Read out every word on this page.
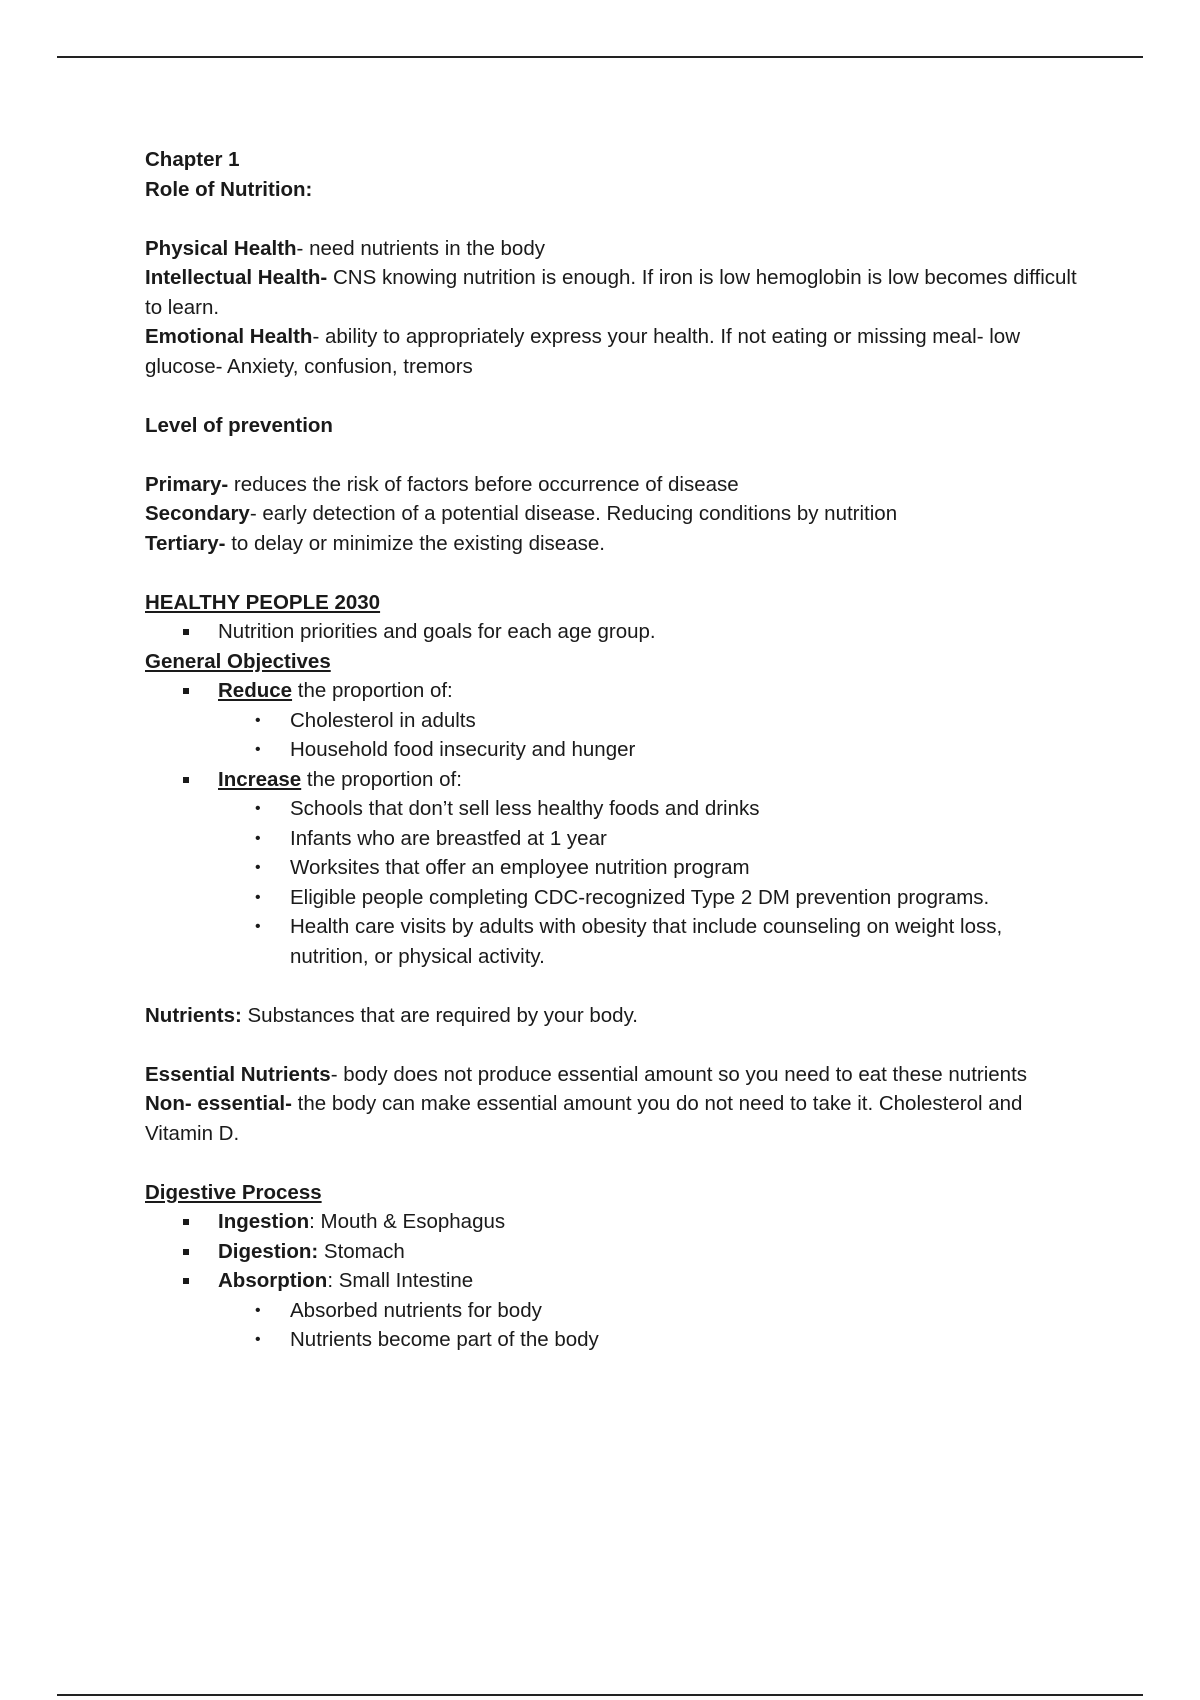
Chapter 1

Role of Nutrition:

Physical Health- need nutrients in the body

Intellectual Health- CNS knowing nutrition is enough. If iron is low hemoglobin is low becomes difficult to learn.

Emotional Health- ability to appropriately express your health. If not eating or missing meal- low glucose- Anxiety, confusion, tremors

Level of prevention

Primary- reduces the risk of factors before occurrence of disease

Secondary- early detection of a potential disease. Reducing conditions by nutrition

Tertiary- to delay or minimize the existing disease.

HEALTHY PEOPLE 2030

Nutrition priorities and goals for each age group.

General Objectives

Reduce the proportion of:

• Cholesterol in adults

• Household food insecurity and hunger

Increase the proportion of:

• Schools that don’t sell less healthy foods and drinks

• Infants who are breastfed at 1 year

• Worksites that offer an employee nutrition program

• Eligible people completing CDC-recognized Type 2 DM prevention programs.

• Health care visits by adults with obesity that include counseling on weight loss, nutrition, or physical activity.

Nutrients: Substances that are required by your body.

Essential Nutrients- body does not produce essential amount so you need to eat these nutrients

Non- essential- the body can make essential amount you do not need to take it. Cholesterol and Vitamin D.

Digestive Process

Ingestion: Mouth & Esophagus

Digestion: Stomach

Absorption: Small Intestine

• Absorbed nutrients for body

• Nutrients become part of the body
